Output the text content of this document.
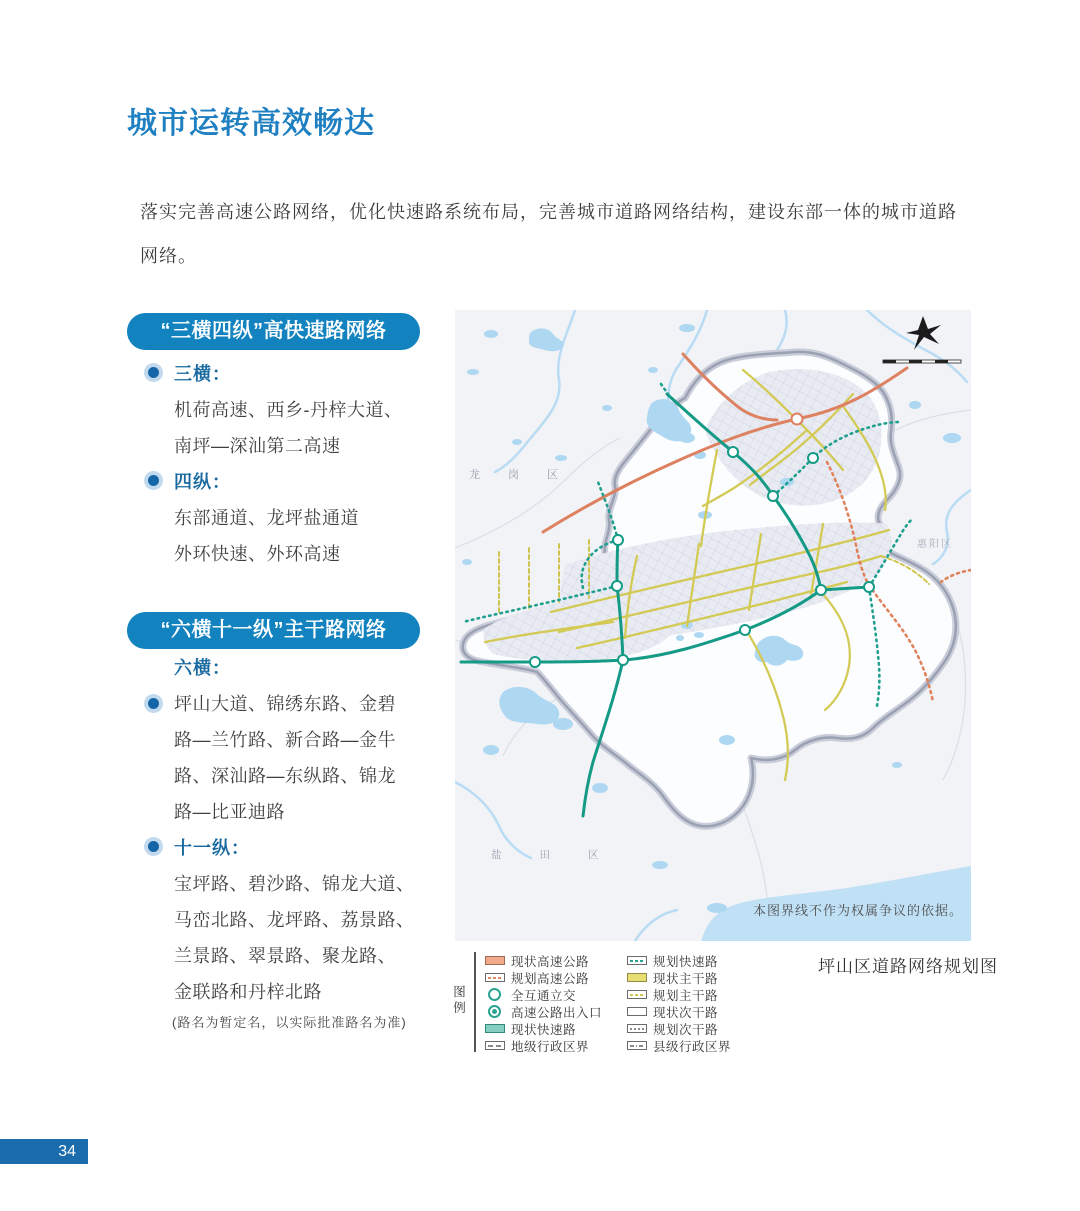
城市运转高效畅达
落实完善高速公路网络，优化快速路系统布局，完善城市道路网络结构，建设东部一体的城市道路网络。
“三横四纵”高快速路网络
三横：
机荷高速、西乡-丹梓大道、
南坪—深汕第二高速
四纵：
东部通道、龙坪盐通道
外环快速、外环高速
“六横十一纵”主干路网络
六横：
坪山大道、锦绣东路、金碧
路—兰竹路、新合路—金牛
路、深汕路—东纵路、锦龙
路—比亚迪路
十一纵：
宝坪路、碧沙路、锦龙大道、
马峦北路、龙坪路、荔景路、
兰景路、翠景路、聚龙路、
金联路和丹梓北路
(路名为暂定名，以实际批准路名为准)
龙岗区
惠阳区
盐田区
本图界线不作为权属争议的依据。
图例
现状高速公路
规划高速公路
全互通立交
高速公路出入口
现状快速路
地级行政区界
规划快速路
现状主干路
规划主干路
现状次干路
规划次干路
县级行政区界
坪山区道路网络规划图
34
